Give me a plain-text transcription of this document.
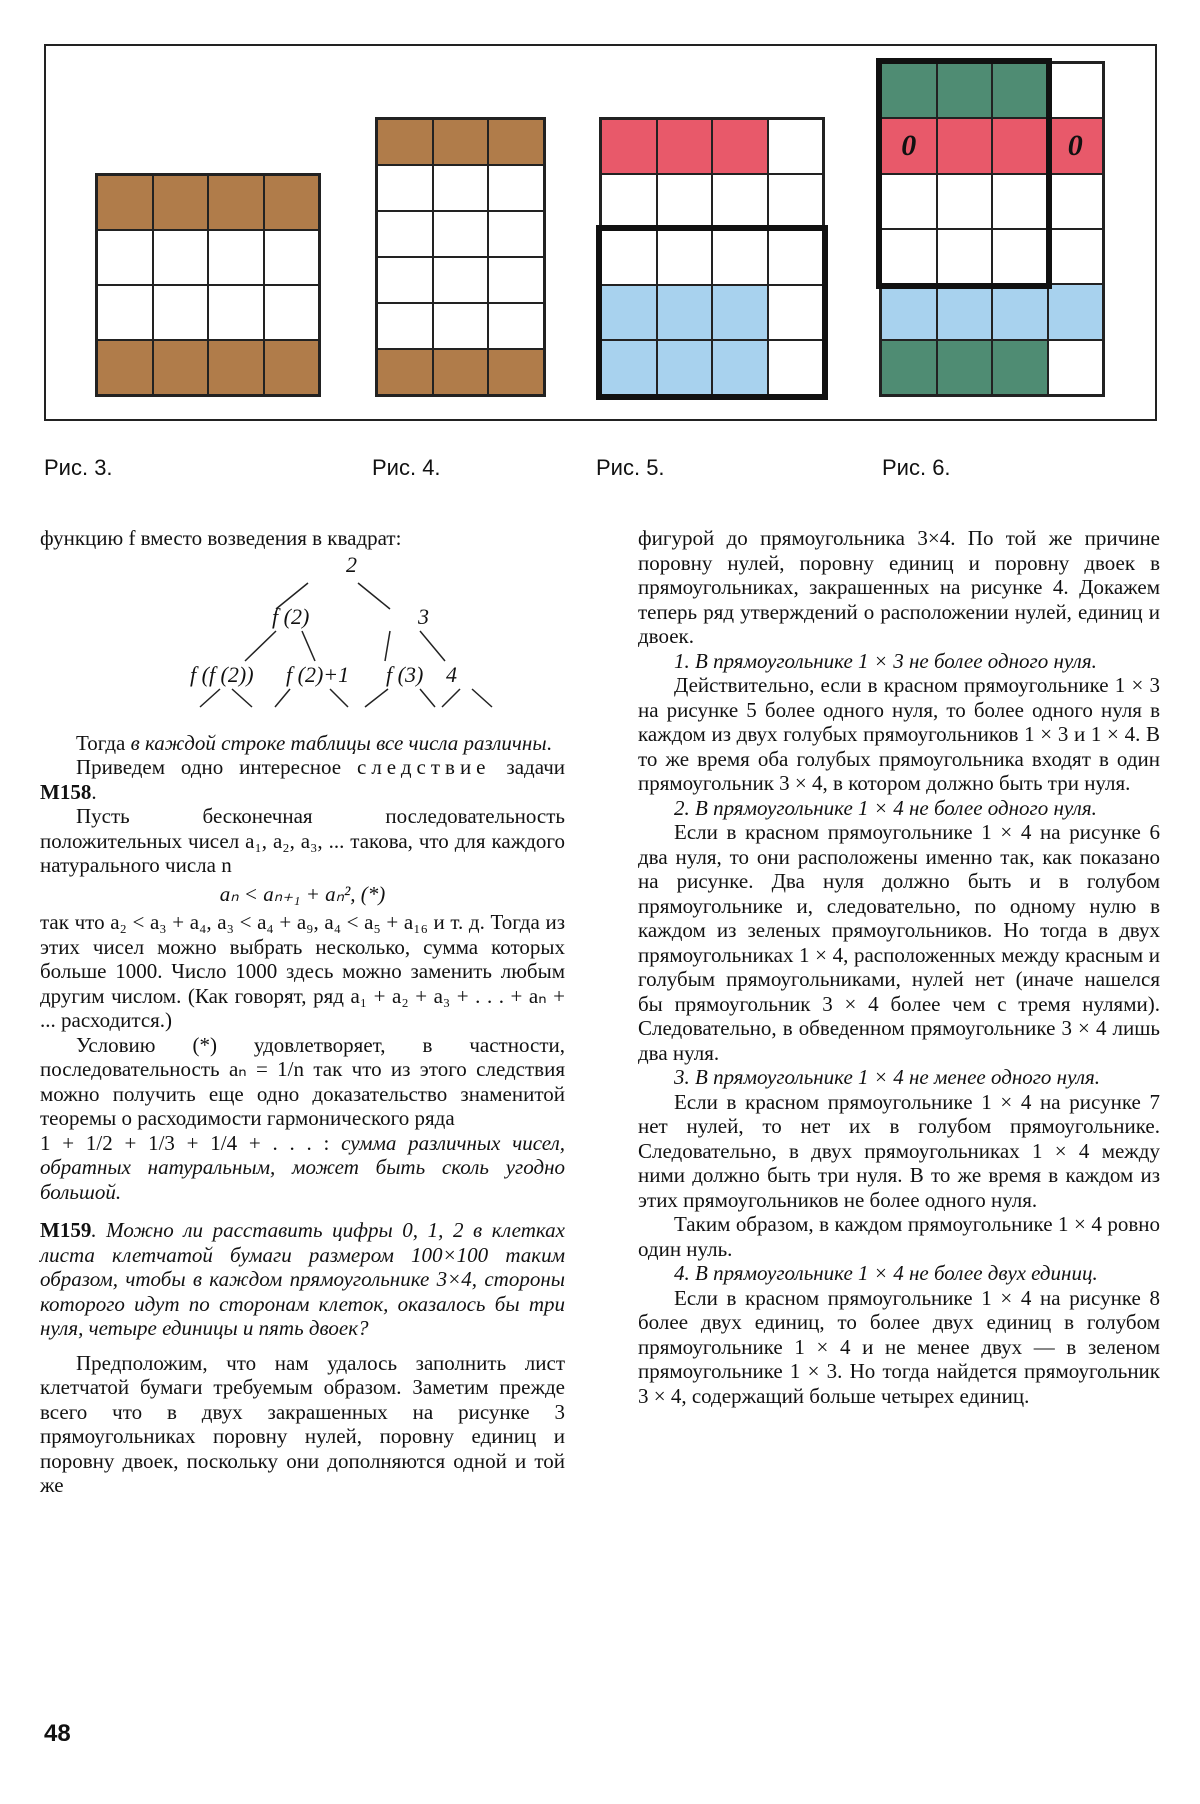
0	0
Рис. 3.	Рис. 4.	Рис. 5.	Рис. 6.

функцию f вместо возведения в квадрат:

2
f (2)	3
f (f (2)) f (2)+1 f (3) 4

Тогда в каждой строке таблицы все числа различны.

Приведем одно интересное следствие задачи М158.

Пусть бесконечная последовательность положительных чисел a₁, a₂, a₃, ... такова, что для каждого натурального числа n

aₙ < aₙ₊₁ + aₙ², (*)

так что a₂ < a₃ + a₄, a₃ < a₄ + a₉, a₄ < a₅ + a₁₆ и т. д. Тогда из этих чисел можно выбрать несколько, сумма которых больше 1000. Число 1000 здесь можно заменить любым другим числом. (Как говорят, ряд a₁ + a₂ + a₃ + . . . + aₙ + ... расходится.)

Условию (*) удовлетворяет, в частности, последовательность aₙ = 1/n так что из этого следствия можно получить еще одно доказательство знаменитой теоремы о расходимости гармонического ряда

1 + 1/2 + 1/3 + 1/4 + . . . : сумма различных чисел, обратных натуральным, может быть сколь угодно большой.

М159. Можно ли расставить цифры 0, 1, 2 в клетках листа клетчатой бумаги размером 100×100 таким образом, чтобы в каждом прямоугольнике 3×4, стороны которого идут по сторонам клеток, оказалось бы три нуля, четыре единицы и пять двоек?

Предположим, что нам удалось заполнить лист клетчатой бумаги требуемым образом. Заметим прежде всего что в двух закрашенных на рисунке 3 прямоугольниках поровну нулей, поровну единиц и поровну двоек, поскольку они дополняются одной и той же

фигурой до прямоугольника 3×4. По той же причине поровну нулей, поровну единиц и поровну двоек в прямоугольниках, закрашенных на рисунке 4. Докажем теперь ряд утверждений о расположении нулей, единиц и двоек.

1. В прямоугольнике 1 × 3 не более одного нуля.

Действительно, если в красном прямоугольнике 1 × 3 на рисунке 5 более одного нуля, то более одного нуля в каждом из двух голубых прямоугольников 1 × 3 и 1 × 4. В то же время оба голубых прямоугольника входят в один прямоугольник 3 × 4, в котором должно быть три нуля.

2. В прямоугольнике 1 × 4 не более одного нуля.

Если в красном прямоугольнике 1 × 4 на рисунке 6 два нуля, то они расположены именно так, как показано на рисунке. Два нуля должно быть и в голубом прямоугольнике и, следовательно, по одному нулю в каждом из зеленых прямоугольников. Но тогда в двух прямоугольниках 1 × 4, расположенных между красным и голубым прямоугольниками, нулей нет (иначе нашелся бы прямоугольник 3 × 4 более чем с тремя нулями). Следовательно, в обведенном прямоугольнике 3 × 4 лишь два нуля.

3. В прямоугольнике 1 × 4 не менее одного нуля.

Если в красном прямоугольнике 1 × 4 на рисунке 7 нет нулей, то нет их в голубом прямоугольнике. Следовательно, в двух прямоугольниках 1 × 4 между ними должно быть три нуля. В то же время в каждом из этих прямоугольников не более одного нуля.

Таким образом, в каждом прямоугольнике 1 × 4 ровно один нуль.

4. В прямоугольнике 1 × 4 не более двух единиц.

Если в красном прямоугольнике 1 × 4 на рисунке 8 более двух единиц, то более двух единиц в голубом прямоугольнике 1 × 4 и не менее двух — в зеленом прямоугольнике 1 × 3. Но тогда найдется прямоугольник 3 × 4, содержащий больше четырех единиц.

48
